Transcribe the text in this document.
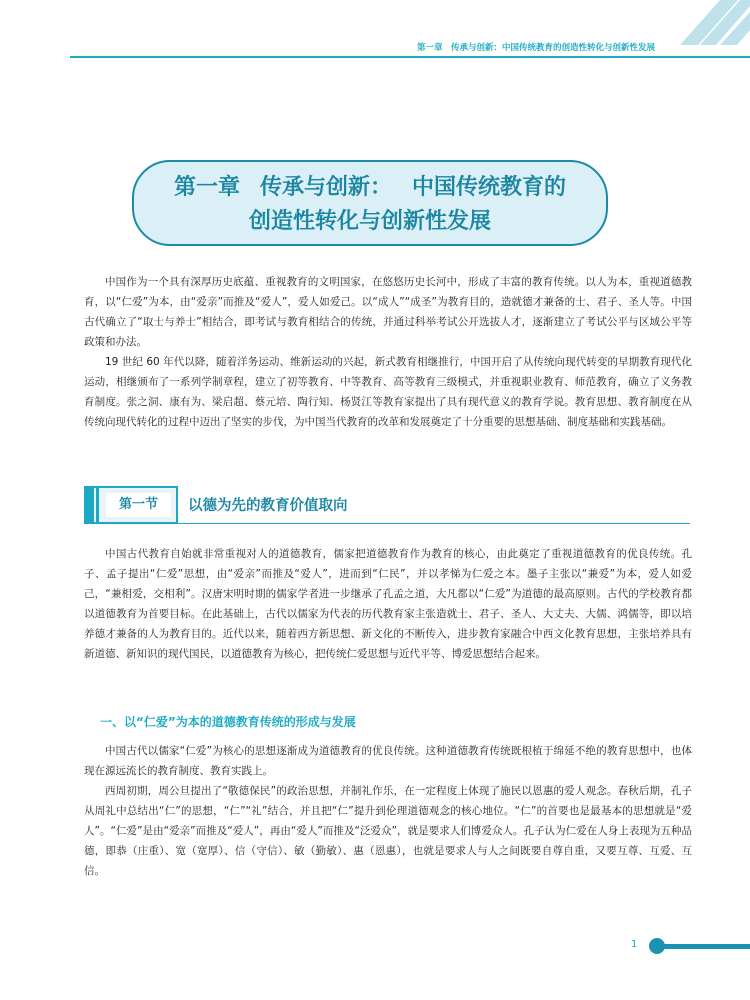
第一章　传承与创新：中国传统教育的创造性转化与创新性发展
第一章 传承与创新： 中国传统教育的
创造性转化与创新性发展

中国作为一个具有深厚历史底蕴、重视教育的文明国家，在悠悠历史长河中，形成了丰富的教育传统。以人为本，重视道德教育，以“仁爱”为本，由“爱亲”而推及“爱人”，爱人如爱己。以“成人”“成圣”为教育目的，造就德才兼备的士、君子、圣人等。中国古代确立了“取士与养士”相结合，即考试与教育相结合的传统，并通过科举考试公开选拔人才，逐渐建立了考试公平与区域公平等政策和办法。

19 世纪 60 年代以降，随着洋务运动、维新运动的兴起，新式教育相继推行，中国开启了从传统向现代转变的早期教育现代化运动，相继颁布了一系列学制章程，建立了初等教育、中等教育、高等教育三级模式，并重视职业教育、师范教育，确立了义务教育制度。张之洞、康有为、梁启超、蔡元培、陶行知、杨贤江等教育家提出了具有现代意义的教育学说。教育思想、教育制度在从传统向现代转化的过程中迈出了坚实的步伐，为中国当代教育的改革和发展奠定了十分重要的思想基础、制度基础和实践基础。

第一节	以德为先的教育价值取向

中国古代教育自始就非常重视对人的道德教育，儒家把道德教育作为教育的核心，由此奠定了重视道德教育的优良传统。孔子、孟子提出“仁爱”思想，由“爱亲”而推及“爱人”，进而到“仁民”，并以孝悌为仁爱之本。墨子主张以“兼爱”为本，爱人如爱己，“兼相爱，交相利”。汉唐宋明时期的儒家学者进一步继承了孔孟之道，大凡都以“仁爱”为道德的最高原则。古代的学校教育都以道德教育为首要目标。在此基础上，古代以儒家为代表的历代教育家主张造就士、君子、圣人、大丈夫、大儒、鸿儒等，即以培养德才兼备的人为教育目的。近代以来，随着西方新思想、新文化的不断传入，进步教育家融合中西文化教育思想，主张培养具有新道德、新知识的现代国民，以道德教育为核心，把传统仁爱思想与近代平等、博爱思想结合起来。

一、以“仁爱”为本的道德教育传统的形成与发展

中国古代以儒家“仁爱”为核心的思想逐渐成为道德教育的优良传统。这种道德教育传统既根植于绵延不绝的教育思想中，也体现在源远流长的教育制度、教育实践上。

西周初期，周公旦提出了“敬德保民”的政治思想，并制礼作乐，在一定程度上体现了施民以恩惠的爱人观念。春秋后期，孔子从周礼中总结出“仁”的思想，“仁”“礼”结合，并且把“仁”提升到伦理道德观念的核心地位。“仁”的首要也是最基本的思想就是“爱人”。“仁爱”是由“爱亲”而推及“爱人”，再由“爱人”而推及“泛爱众”，就是要求人们博爱众人。孔子认为仁爱在人身上表现为五种品德，即恭（庄重）、宽（宽厚）、信（守信）、敏（勤敏）、惠（恩惠），也就是要求人与人之间既要自尊自重，又要互尊、互爱、互信。

1
